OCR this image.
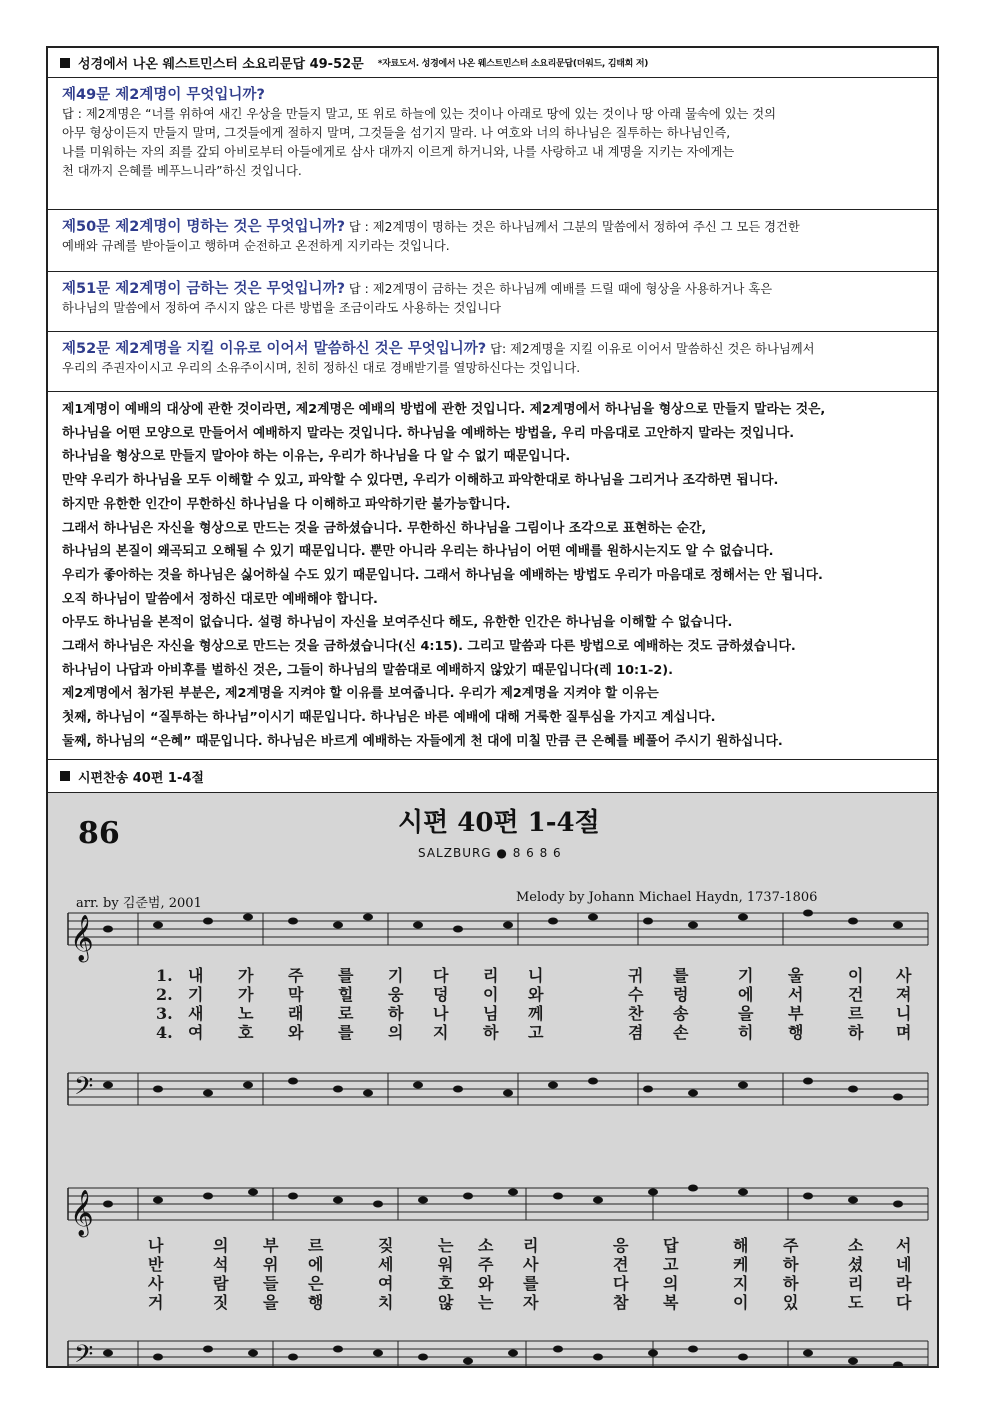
성경에서 나온 웨스트민스터 소요리문답 49-52문 *자료도서. 성경에서 나온 웨스트민스터 소요리문답(더워드, 김태희 저)
제49문 제2계명이 무엇입니까?
답 : 제2계명은 “너를 위하여 새긴 우상을 만들지 말고, 또 위로 하늘에 있는 것이나 아래로 땅에 있는 것이나 땅 아래 물속에 있는 것의
아무 형상이든지 만들지 말며, 그것들에게 절하지 말며, 그것들을 섬기지 말라. 나 여호와 너의 하나님은 질투하는 하나님인즉,
나를 미워하는 자의 죄를 갚되 아비로부터 아들에게로 삼사 대까지 이르게 하거니와, 나를 사랑하고 내 계명을 지키는 자에게는
천 대까지 은혜를 베푸느니라”하신 것입니다.
제50문 제2계명이 명하는 것은 무엇입니까? 답 : 제2계명이 명하는 것은 하나님께서 그분의 말씀에서 정하여 주신 그 모든 경건한
예배와 규례를 받아들이고 행하며 순전하고 온전하게 지키라는 것입니다.
제51문 제2계명이 금하는 것은 무엇입니까? 답 : 제2계명이 금하는 것은 하나님께 예배를 드릴 때에 형상을 사용하거나 혹은
하나님의 말씀에서 정하여 주시지 않은 다른 방법을 조금이라도 사용하는 것입니다
제52문 제2계명을 지킬 이유로 이어서 말씀하신 것은 무엇입니까? 답: 제2계명을 지킬 이유로 이어서 말씀하신 것은 하나님께서
우리의 주권자이시고 우리의 소유주이시며, 친히 정하신 대로 경배받기를 열망하신다는 것입니다.

제1계명이 예배의 대상에 관한 것이라면, 제2계명은 예배의 방법에 관한 것입니다. 제2계명에서 하나님을 형상으로 만들지 말라는 것은,

하나님을 어떤 모양으로 만들어서 예배하지 말라는 것입니다. 하나님을 예배하는 방법을, 우리 마음대로 고안하지 말라는 것입니다.

하나님을 형상으로 만들지 말아야 하는 이유는, 우리가 하나님을 다 알 수 없기 때문입니다.

만약 우리가 하나님을 모두 이해할 수 있고, 파악할 수 있다면, 우리가 이해하고 파악한대로 하나님을 그리거나 조각하면 됩니다.

하지만 유한한 인간이 무한하신 하나님을 다 이해하고 파악하기란 불가능합니다.

그래서 하나님은 자신을 형상으로 만드는 것을 금하셨습니다. 무한하신 하나님을 그림이나 조각으로 표현하는 순간,

하나님의 본질이 왜곡되고 오해될 수 있기 때문입니다. 뿐만 아니라 우리는 하나님이 어떤 예배를 원하시는지도 알 수 없습니다.

우리가 좋아하는 것을 하나님은 싫어하실 수도 있기 때문입니다. 그래서 하나님을 예배하는 방법도 우리가 마음대로 정해서는 안 됩니다.

오직 하나님이 말씀에서 정하신 대로만 예배해야 합니다.

아무도 하나님을 본적이 없습니다. 설령 하나님이 자신을 보여주신다 해도, 유한한 인간은 하나님을 이해할 수 없습니다.

그래서 하나님은 자신을 형상으로 만드는 것을 금하셨습니다(신 4:15). 그리고 말씀과 다른 방법으로 예배하는 것도 금하셨습니다.

하나님이 나답과 아비후를 벌하신 것은, 그들이 하나님의 말씀대로 예배하지 않았기 때문입니다(레 10:1-2).

제2계명에서 첨가된 부분은, 제2계명을 지켜야 할 이유를 보여줍니다. 우리가 제2계명을 지켜야 할 이유는

첫째, 하나님이 “질투하는 하나님”이시기 때문입니다. 하나님은 바른 예배에 대해 거룩한 질투심을 가지고 계십니다.

둘째, 하나님의 “은혜” 때문입니다. 하나님은 바르게 예배하는 자들에게 천 대에 미칠 만큼 큰 은혜를 베풀어 주시기 원하십니다.

시편찬송 40편 1-4절
86	시편 40편 1-4절
SALZBURG ● 8 6 8 6
arr. by 김준범, 2001	Melody by Johann Michael Haydn, 1737-1806
𝄞
𝄢
𝄞
𝄢
1. 내 가 주 를 기 다 리 니	귀 를	기 울	이 사
2. 기 가 막 힐 웅 덩 이 와	수 렁	에 서	건 져
3. 새 노 래 로 하 나 님 께	찬 송	을 부	르 니
4. 여 호 와 를 의 지 하 고	겸 손	히 행	하 며
나	의 부 르	짖	는 소 리	응 답	해 주	소 서
반	석 위 에	세	워 주 사	견 고	케 하	셨 네
사	람 들 은	여	호 와 를	다 의	지 하	리 라
거	짓 을 행	치	않 는 자	참 복	이 있	도 다
